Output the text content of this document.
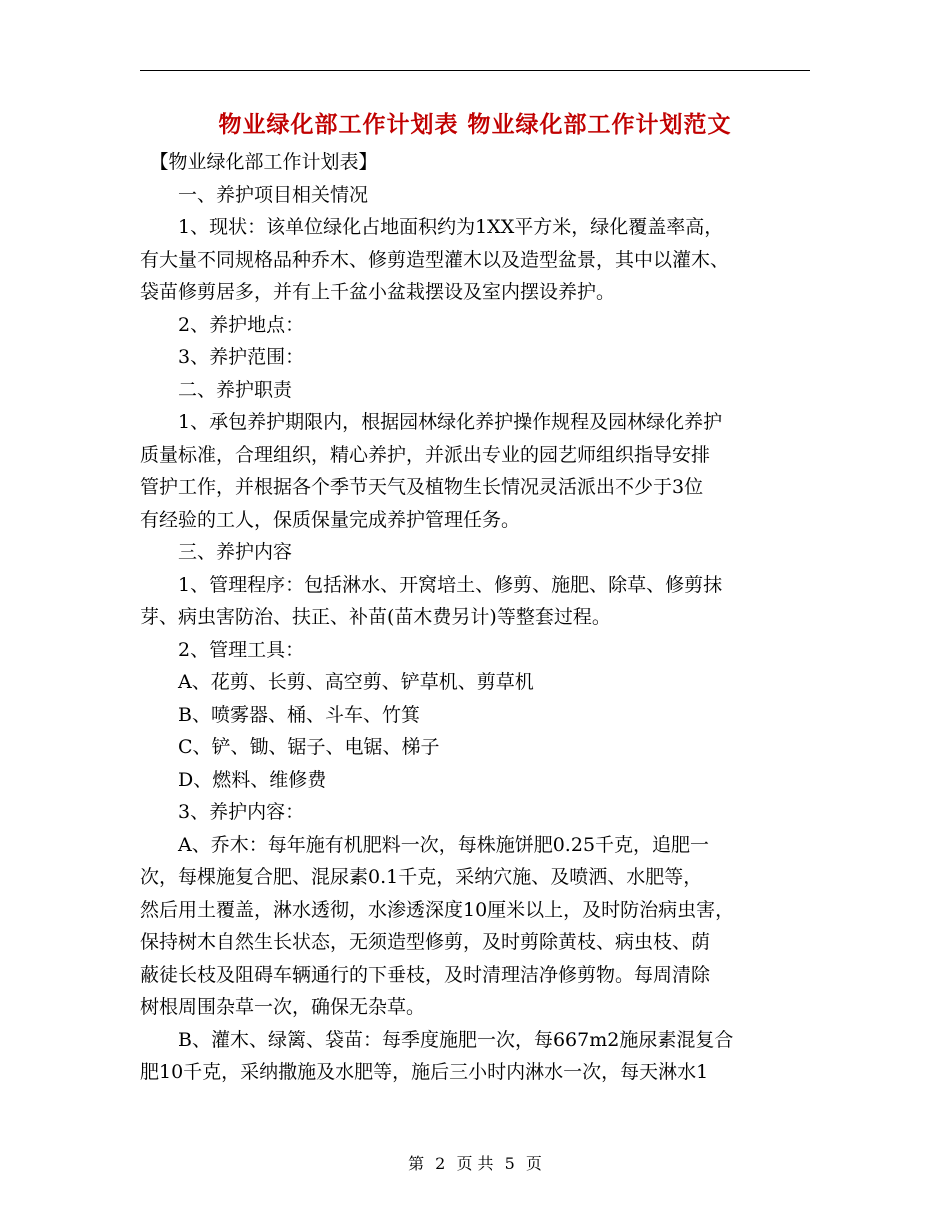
物业绿化部工作计划表 物业绿化部工作计划范文

　【物业绿化部工作计划表】

　　一、养护项目相关情况

　　1、现状：该单位绿化占地面积约为1XX平方米，绿化覆盖率高，

有大量不同规格品种乔木、修剪造型灌木以及造型盆景，其中以灌木、

袋苗修剪居多，并有上千盆小盆栽摆设及室内摆设养护。

　　2、养护地点：

　　3、养护范围：

　　二、养护职责

　　1、承包养护期限内，根据园林绿化养护操作规程及园林绿化养护

质量标准，合理组织，精心养护，并派出专业的园艺师组织指导安排

管护工作，并根据各个季节天气及植物生长情况灵活派出不少于3位

有经验的工人，保质保量完成养护管理任务。

　　三、养护内容

　　1、管理程序：包括淋水、开窝培土、修剪、施肥、除草、修剪抹

芽、病虫害防治、扶正、补苗(苗木费另计)等整套过程。

　　2、管理工具：

　　A、花剪、长剪、高空剪、铲草机、剪草机

　　B、喷雾器、桶、斗车、竹箕

　　C、铲、锄、锯子、电锯、梯子

　　D、燃料、维修费

　　3、养护内容：

　　A、乔木：每年施有机肥料一次，每株施饼肥0.25千克，追肥一

次，每棵施复合肥、混尿素0.1千克，采纳穴施、及喷洒、水肥等，

然后用土覆盖，淋水透彻，水渗透深度10厘米以上，及时防治病虫害，

保持树木自然生长状态，无须造型修剪，及时剪除黄枝、病虫枝、荫

蔽徒长枝及阻碍车辆通行的下垂枝，及时清理洁净修剪物。每周清除

树根周围杂草一次，确保无杂草。

　　B、灌木、绿篱、袋苗：每季度施肥一次，每667m2施尿素混复合

肥10千克，采纳撒施及水肥等，施后三小时内淋水一次，每天淋水1

第 2 页 共 5 页
